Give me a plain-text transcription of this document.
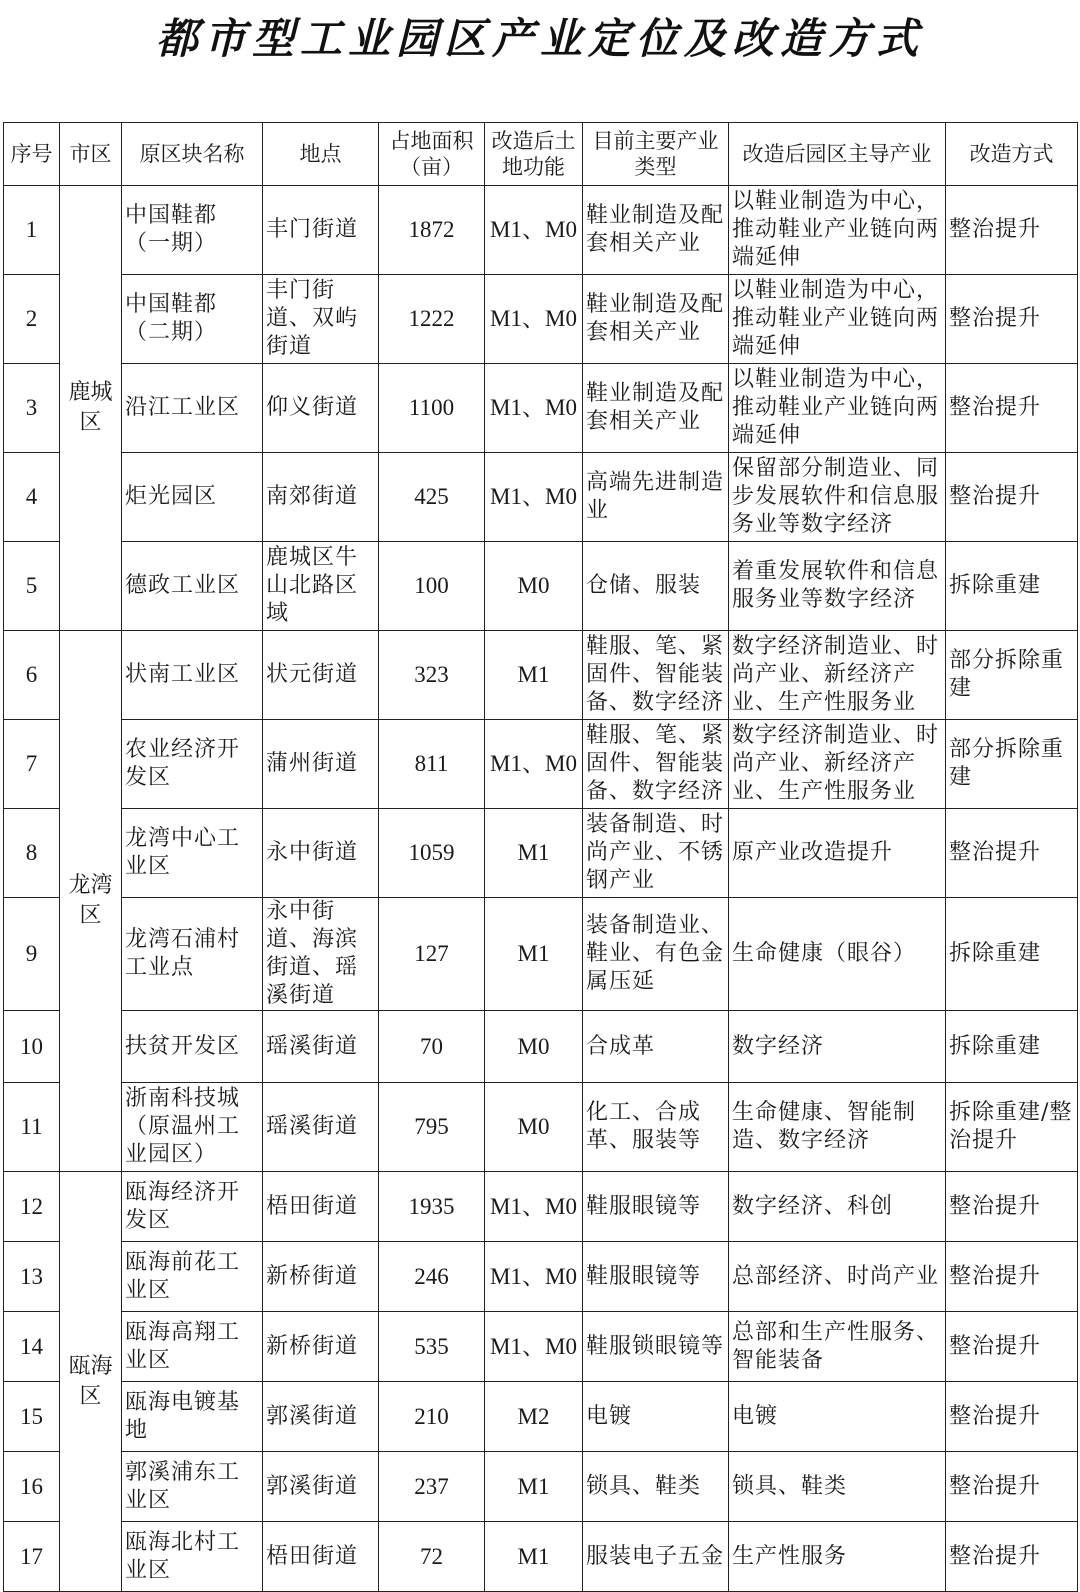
都市型工业园区产业定位及改造方式
序号	市区	原区块名称	地点	占地面积（亩）	改造后土地功能	目前主要产业类型	改造后园区主导产业	改造方式
1	鹿城区	中国鞋都（一期）	丰门街道	1872	M1、M0	鞋业制造及配套相关产业	以鞋业制造为中心，推动鞋业产业链向两端延伸	整治提升
2		中国鞋都（二期）	丰门街道、双屿街道	1222	M1、M0	鞋业制造及配套相关产业	以鞋业制造为中心，推动鞋业产业链向两端延伸	整治提升
3		沿江工业区	仰义街道	1100	M1、M0	鞋业制造及配套相关产业	以鞋业制造为中心，推动鞋业产业链向两端延伸	整治提升
4		炬光园区	南郊街道	425	M1、M0	高端先进制造业	保留部分制造业、同步发展软件和信息服务业等数字经济	整治提升
5		德政工业区	鹿城区牛山北路区域	100	M0	仓储、服装	着重发展软件和信息服务业等数字经济	拆除重建
6	龙湾区	状南工业区	状元街道	323	M1	鞋服、笔、紧固件、智能装备、数字经济	数字经济制造业、时尚产业、新经济产业、生产性服务业	部分拆除重建
7		农业经济开发区	蒲州街道	811	M1、M0	鞋服、笔、紧固件、智能装备、数字经济	数字经济制造业、时尚产业、新经济产业、生产性服务业	部分拆除重建
8		龙湾中心工业区	永中街道	1059	M1	装备制造、时尚产业、不锈钢产业	原产业改造提升	整治提升
9		龙湾石浦村工业点	永中街道、海滨街道、瑶溪街道	127	M1	装备制造业、鞋业、有色金属压延	生命健康（眼谷）	拆除重建
10		扶贫开发区	瑶溪街道	70	M0	合成革	数字经济	拆除重建
11		浙南科技城（原温州工业园区）	瑶溪街道	795	M0	化工、合成革、服装等	生命健康、智能制造、数字经济	拆除重建/整治提升
12	瓯海区	瓯海经济开发区	梧田街道	1935	M1、M0	鞋服眼镜等	数字经济、科创	整治提升
13		瓯海前花工业区	新桥街道	246	M1、M0	鞋服眼镜等	总部经济、时尚产业	整治提升
14		瓯海高翔工业区	新桥街道	535	M1、M0	鞋服锁眼镜等	总部和生产性服务、智能装备	整治提升
15		瓯海电镀基地	郭溪街道	210	M2	电镀	电镀	整治提升
16		郭溪浦东工业区	郭溪街道	237	M1	锁具、鞋类	锁具、鞋类	整治提升
17		瓯海北村工业区	梧田街道	72	M1	服装电子五金	生产性服务	整治提升
